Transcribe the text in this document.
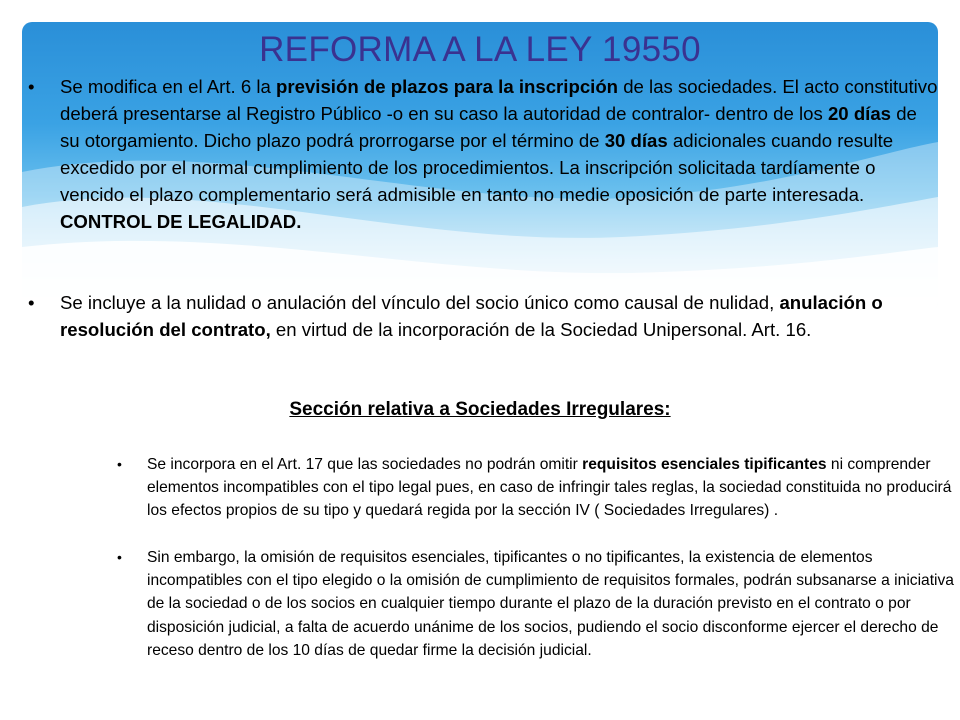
REFORMA A LA LEY 19550
• Se modifica en el Art. 6 la previsión de plazos para la inscripción de las sociedades. El acto constitutivo deberá presentarse al Registro Público -o en su caso la autoridad de contralor- dentro de los 20 días de su otorgamiento. Dicho plazo podrá prorrogarse por el término de 30 días adicionales cuando resulte excedido por el normal cumplimiento de los procedimientos. La inscripción solicitada tardíamente o vencido el plazo complementario será admisible en tanto no medie oposición de parte interesada. CONTROL DE LEGALIDAD.
• Se incluye a la nulidad o anulación del vínculo del socio único como causal de nulidad, anulación o resolución del contrato, en virtud de la incorporación de la Sociedad Unipersonal. Art. 16.
Sección relativa a Sociedades Irregulares:
• Se incorpora en el Art. 17 que las sociedades no podrán omitir requisitos esenciales tipificantes ni comprender elementos incompatibles con el tipo legal pues, en caso de infringir tales reglas, la sociedad constituida no producirá los efectos propios de su tipo y quedará regida por la sección IV ( Sociedades Irregulares) .
• Sin embargo, la omisión de requisitos esenciales, tipificantes o no tipificantes, la existencia de elementos incompatibles con el tipo elegido o la omisión de cumplimiento de requisitos formales, podrán subsanarse a iniciativa de la sociedad o de los socios en cualquier tiempo durante el plazo de la duración previsto en el contrato o por disposición judicial, a falta de acuerdo unánime de los socios, pudiendo el socio disconforme ejercer el derecho de receso dentro de los 10 días de quedar firme la decisión judicial.
